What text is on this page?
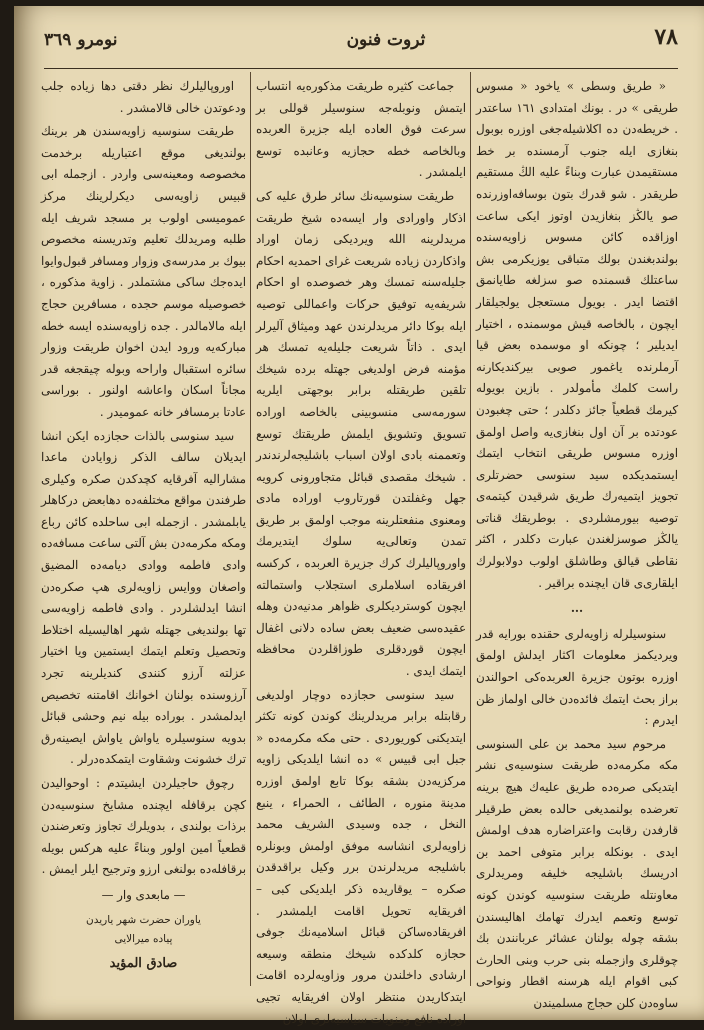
٧٨
ثروت فنون
نومرو ٣٦٩

« طريق وسطى » ياخود « مسوس طريقى » در . بونك امتدادى ١٦١ ساعتدر . خريطه‌دن ده اكلاشيله‌جغى اوزره بوبول بنغازى ايله جنوب آرمسنده بر خط مستقيمدن عبارت وبناءً عليه الڭ مستقيم طريقدر . شو قدرك بتون بوسافه‌اوزرنده صو يالڭز بنغازيدن اوتوز ايكى ساعت اوزاقده كائن مسوس زاويه‌سنده بولندبغندن بولك متباقى يوزيكرمى بش ساعتلك قسمنده صو سزلغه طايانمق اقتضا ايدر . بويول مستعجل يولجيلقار ايچون ، بالخاصه قيش موسمنده ، اختيار ايديلير ؛ چونكه او موسمده بعض قيا آرملرنده ياغمور صوبى بيركنديكارنه راست كلمك مأمولدر . بازين بويوله كيرمك قطعياً جائز دكلدر ؛ حتى چغبودن عودتده بر آن اول بنغازى‌يه واصل اولمق اوزره مسوس طريقى انتخاب ايتمك ايستمديكده سيد سنوسى حضرتلرى تجويز ايتميه‌رك طريق شرقيدن كيتمه‌ى توصيه بيورمشلردى . بوطريقك قناتى يالڭز صوسزلغندن عبارت دكلدر ، اكثر نقاطى قيالق وطاشلق اولوب دولابولرك ايلقارى‌ى قان ايچنده براقير .

...

سنوسيلرله زاويه‌لرى حقنده بورايه قدر ويرديكمز معلومات اكثار ايدلش اولمق اوزره بوتون جزيرة العربده‌كى احوالندن براز بحث ايتمك فائده‌دن خالى اولماز ظن ايدرم :

مرحوم سيد محمد بن على السنوسى مكه مكرمه‌ده طريقت سنوسيه‌ى نشر ايتديكى صره‌ده طريق عليه‌ك هيچ برينه تعرضده بولنمديغى حالده بعض طرقيلر قارفدن رقابت واعتراضاره هدف اولمش ايدى . بونكله برابر متوفى احمد بن ادريسك باشليجه خليفه ومريدلرى معاونتله طريقت سنوسيه كوندن كونه توسع وتعمم ايدرك تهامك اهاليسندن بشقه چوله بولنان عشائر عربانندن بك چوقلرى وازجمله بنى حرب وبنى الحارث كبى اقوام ايله هرسنه اقطار ونواحى ساوه‌دن كلن حجاج مسلميندن

جماعت كثيره طريقت مذكوره‌يه انتساب ايتمش ونوبله‌جه سنوسيلر قوللى بر سرعت فوق العاده ايله جزيرة العربده وبالخاصه خطه حجازيه وعانبده توسع ايلمشدر .

طريقت سنوسيه‌نك سائر طرق عليه كى اذكار واورادى وار ايسه‌ده شيخ طريقت مريدلرينه الله ويرديكى زمان اوراد واذكاردن زياده شريعت غراى احمديه احكام جليله‌سنه تمسك وهر خصوصده او احكام شريفه‌يه توفيق حركات واعماللى توصيه ايله بوكا دائر مريدلرندن عهد وميثاق آليرلر ايدى . ذاتاً شريعت جليله‌يه تمسك هر مؤمنه فرض اولديغى جهتله برده شيخك تلقين طريقتله برابر بوجهتى ايلريه سورمه‌سى منسوبينى بالخاصه اوراده تسويق وتشويق ايلمش طريقتك توسع وتعممنه بادى اولان اسباب باشليجه‌لرندندر . شيخك مقصدى قبائل متجاورونى كرويه جهل وغفلتدن قورتاروب اوراده مادى ومعنوى منفعتلرينه موجب اولمق بر طريق تمدن وتعالى‌يه سلوك ايتديرمك واوروپاليلرك كرك جزيرة العربده ، كركسه افريقاده اسلاملرى استجلاب واستمالته ايچون كوسترديكلرى ظواهر مدنيه‌دن وهله عقيده‌سى ضعيف بعض ساده دلانى اغفال ايچون قوردقلرى طوزاقلردن محافظه ايتمك ايدى .

سيد سنوسى حجازده دوچار اولديغى رقابتله برابر مريدلرينك كوندن كونه تكثر ايتديكنى كوريوردى . حتى مكه مكرمه‌ده « جبل ابى قبيس » ده انشا ايلديكى زاويه مركزيه‌دن بشقه بوكا تابع اولمق اوزره مدينة منوره ، الطائف ، الحمراء ، ينبع النخل ، جده وسيدى الشريف محمد زاويه‌لرى انشاسه موفق اولمش وبونلره باشليجه مريدلرندن برر وكيل براقدقدن صكره – يوقاريده ذكر ايلديكى كبى – افريقايه تحويل اقامت ايلمشدر . افريقاده‌ساكن قبائل اسلاميه‌نك جوفى حجازه كلدكده شيخك منطقه وسيعه ارشادى داخلندن مرور وزاويه‌لرده اقامت ايتدكاريدن منتظر اولان افريقايه تجيى اوراده نافع ومنويات سياسيه‌لرى اولان

اوروپاليلرك نظر دقتى دها زياده جلب ودعوتدن خالى قالامشدر .

طريقت سنوسيه زاويه‌سندن هر برينك بولنديغى موقع اعتباريله برخدمت مخصوصه ومعينه‌سى واردر . ازجمله ابى قبيس زاويه‌سى ديكرلرينك مركز عموميسى اولوب بر مسجد شريف ايله طلبه ومريدلك تعليم وتدريسنه مخصوص بيوك بر مدرسه‌ى وزوار ومسافر قبول‌وايوا ايده‌جك ساكى مشتملدر . زاوية مذكوره ، خصوصيله موسم حجده ، مسافرين حجاج ايله مالامالدر . جده زاويه‌سنده ايسه خطه مباركه‌يه ورود ايدن اخوان طريقت وزوار سائره استقبال واراحه وبوله چيقجغه قدر مجاناً اسكان واعاشه اولنور . بوراسى عادتا برمسافر خانه عموميدر .

سيد سنوسى بالذات حجازده ايكن انشا ايديلان سالف الذكر زوايادن ماعدا مشاراليه آفرقايه كچدكدن صكره وكيلرى طرفندن مواقع مختلفه‌ده دهابعض دركاهلر يابلمشدر . ازجمله ابى ساحلده كائن رباع ومكه مكرمه‌دن بش آلتى ساعت مسافه‌ده وادى فاطمه ووادى ديامه‌ده المضيق واصغان ووايس زاويه‌لرى هپ صكره‌دن انشا ايدلشلردر . وادى فاطمه زاويه‌سى تها بولنديغى جهتله شهر اهاليسيله اختلاط وتحصيل وتعلم ايتمك ايستمين ويا اختيار عزلته آرزو كنندى كنديلرينه تجرد آرزوسنده بولنان اخوانك اقامتنه تخصيص ايدلمشدر . بوراده بيله نيم وحشى قبائل بدويه سنوسيلره ياواش ياواش ايصينه‌رق ترك خشونت وشقاوت ايتمكده‌درلر .

رچوق حاجيلردن ايشيتدم : اوحواليدن كچن برقافله ايچنده مشايخ سنوسيه‌دن برذات بولندى ، بدويلرك تجاوز وتعرضندن قطعياً امين اولور وبناءً عليه هركس بويله برقافله‌ده بولنغى ارزو وترجيح ايلر ايمش .

— مابعدى وار —
ياوران حضرت شهر ياريدن
پياده ميرالايى
صادق المؤيد
